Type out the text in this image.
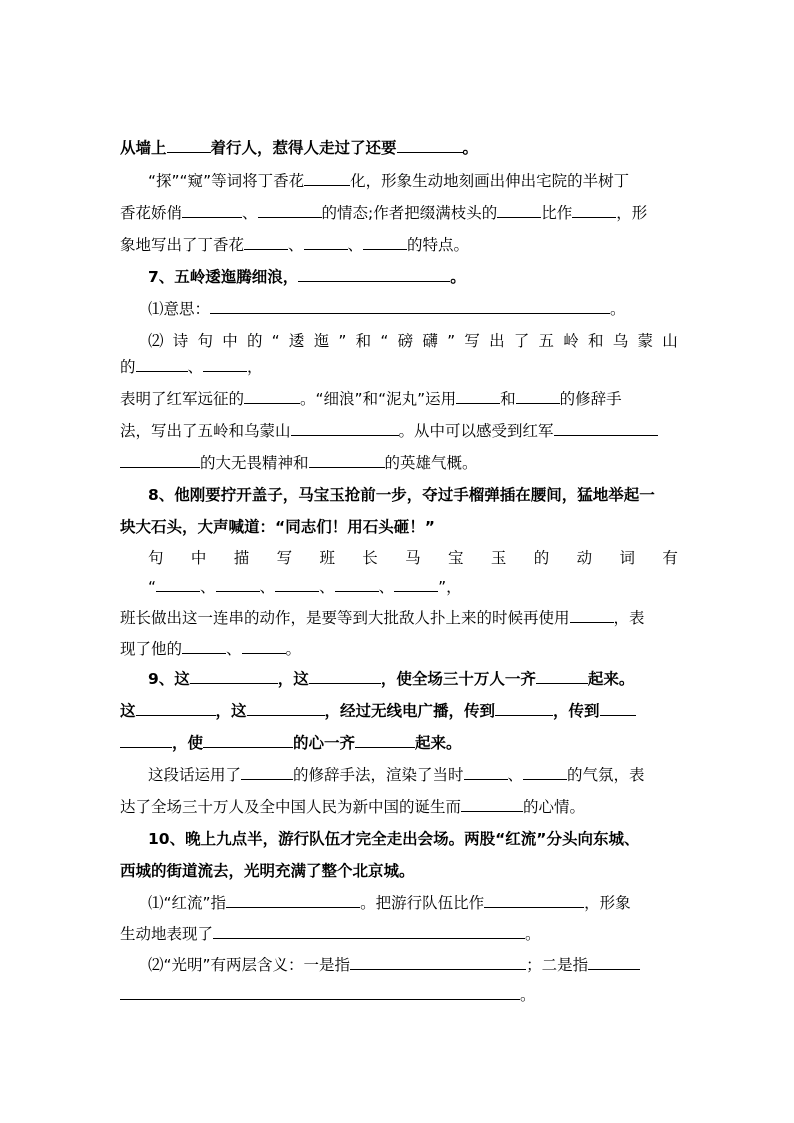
从墙上	着行人，惹得人走过了还要	。
“探”“窥”等词将丁香花	化，形象生动地刻画出伸出宅院的半树丁
香花娇俏	、	的情态;作者把缀满枝头的	比作	，形
象地写出了丁香花	、	、	的特点。
7、五岭逶迤腾细浪，	。
⑴意思：	。
⑵ 诗 句 中 的 “ 逶 迤 ” 和 “ 磅 礴 ” 写 出 了 五 岭 和 乌 蒙 山
的	、	，
表明了红军远征的	。“细浪”和“泥丸”运用	和	的修辞手
法，写出了五岭和乌蒙山	。从中可以感受到红军
的大无畏精神和	的英雄气概。
8、他刚要拧开盖子，马宝玉抢前一步，夺过手榴弹插在腰间，猛地举起一
块大石头，大声喊道：“同志们！用石头砸！”
句 中 描 写 班 长 马 宝 玉 的 动 词 有
“	、	、	、	、	”，
班长做出这一连串的动作，是要等到大批敌人扑上来的时候再使用	，表
现了他的	、	。
9、这	，这	，使全场三十万人一齐	起来。
这	，这	，经过无线电广播，传到	，传到
，使	的心一齐	起来。
这段话运用了	的修辞手法，渲染了当时	、	的气氛，表
达了全场三十万人及全中国人民为新中国的诞生而	的心情。
10、晚上九点半，游行队伍才完全走出会场。两股“红流”分头向东城、
西城的街道流去，光明充满了整个北京城。
⑴“红流”指	。把游行队伍比作	，形象
生动地表现了	。
⑵“光明”有两层含义：一是指	；二是指
。
